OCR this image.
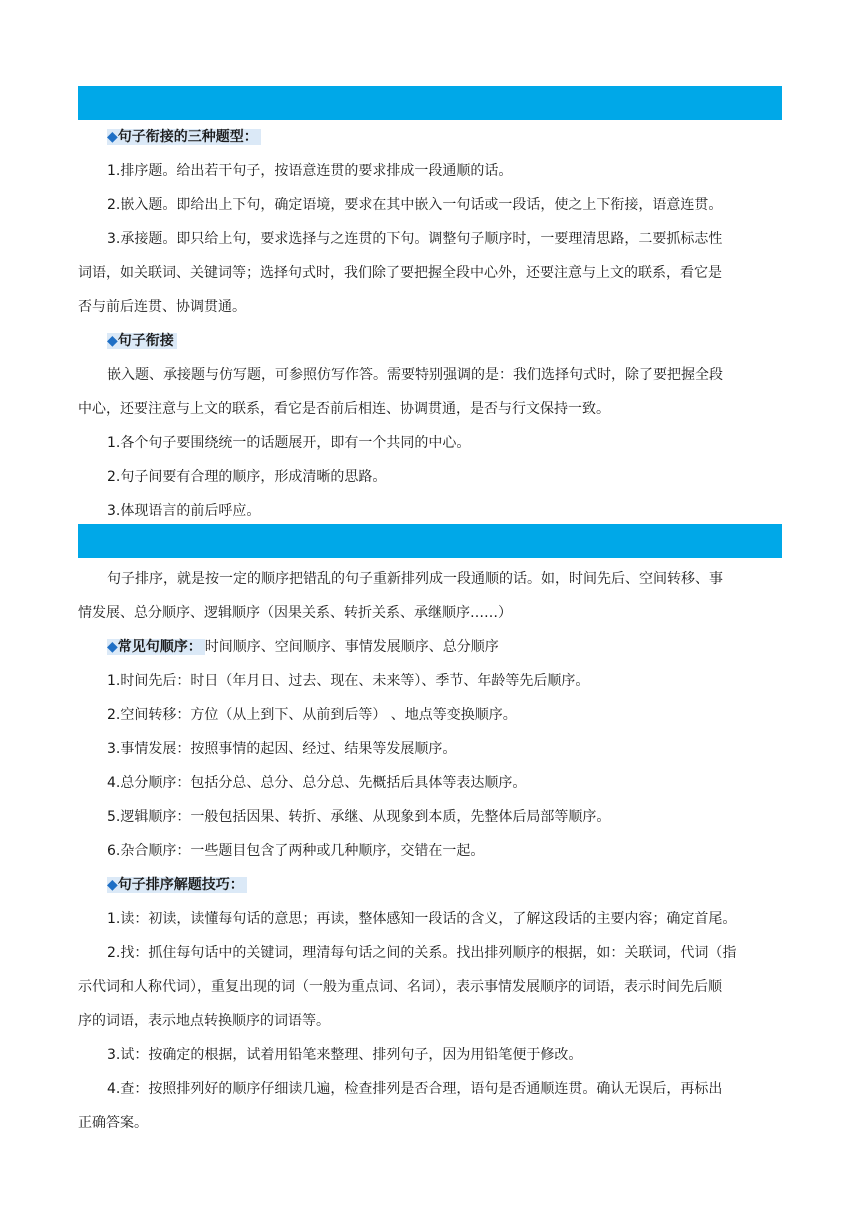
◆句子衔接的三种题型：
1.排序题。给出若干句子，按语意连贯的要求排成一段通顺的话。
2.嵌入题。即给出上下句，确定语境，要求在其中嵌入一句话或一段话，使之上下衔接，语意连贯。
3.承接题。即只给上句，要求选择与之连贯的下句。调整句子顺序时，一要理清思路，二要抓标志性
词语，如关联词、关键词等；选择句式时，我们除了要把握全段中心外，还要注意与上文的联系，看它是
否与前后连贯、协调贯通。
◆句子衔接
嵌入题、承接题与仿写题，可参照仿写作答。需要特别强调的是：我们选择句式时，除了要把握全段
中心，还要注意与上文的联系，看它是否前后相连、协调贯通，是否与行文保持一致。
1.各个句子要围绕统一的话题展开，即有一个共同的中心。
2.句子间要有合理的顺序，形成清晰的思路。
3.体现语言的前后呼应。
句子排序，就是按一定的顺序把错乱的句子重新排列成一段通顺的话。如，时间先后、空间转移、事
情发展、总分顺序、逻辑顺序（因果关系、转折关系、承继顺序……）
◆常见句顺序： 时间顺序、空间顺序、事情发展顺序、总分顺序
1.时间先后：时日（年月日、过去、现在、未来等）、季节、年龄等先后顺序。
2.空间转移：方位（从上到下、从前到后等） 、地点等变换顺序。
3.事情发展：按照事情的起因、经过、结果等发展顺序。
4.总分顺序：包括分总、总分、总分总、先概括后具体等表达顺序。
5.逻辑顺序：一般包括因果、转折、承继、从现象到本质，先整体后局部等顺序。
6.杂合顺序：一些题目包含了两种或几种顺序，交错在一起。
◆句子排序解题技巧：
1.读：初读，读懂每句话的意思；再读，整体感知一段话的含义，了解这段话的主要内容；确定首尾。
2.找：抓住每句话中的关键词，理清每句话之间的关系。找出排列顺序的根据，如：关联词，代词（指
示代词和人称代词），重复出现的词（一般为重点词、名词），表示事情发展顺序的词语，表示时间先后顺
序的词语，表示地点转换顺序的词语等。
3.试：按确定的根据，试着用铅笔来整理、排列句子，因为用铅笔便于修改。
4.查：按照排列好的顺序仔细读几遍，检查排列是否合理，语句是否通顺连贯。确认无误后，再标出
正确答案。
